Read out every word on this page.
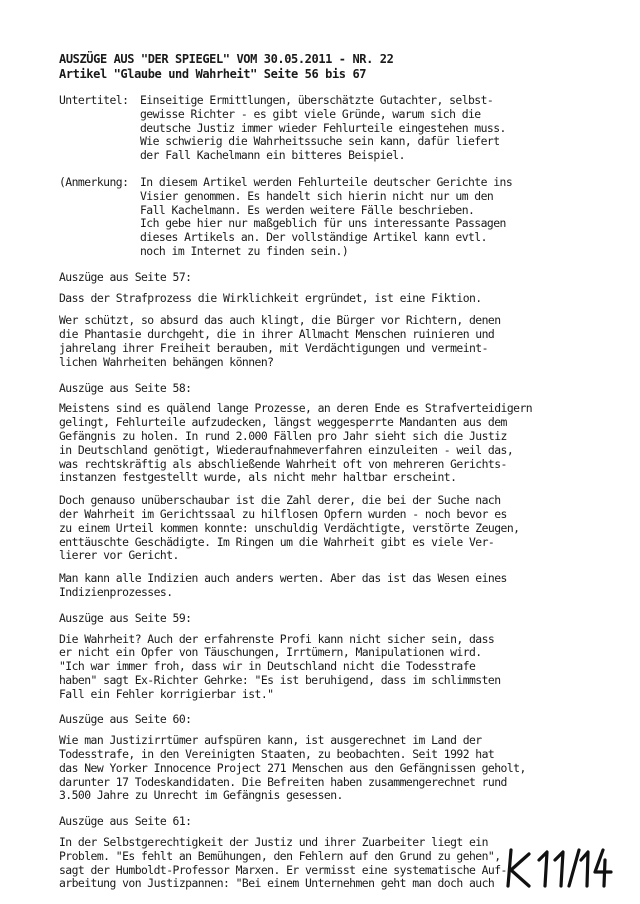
AUSZÜGE AUS "DER SPIEGEL" VOM 30.05.2011 - NR. 22
Artikel "Glaube und Wahrheit" Seite 56 bis 67
Untertitel:	Einseitige Ermittlungen, überschätzte Gutachter, selbst-
gewisse Richter - es gibt viele Gründe, warum sich die
deutsche Justiz immer wieder Fehlurteile eingestehen muss.
Wie schwierig die Wahrheitssuche sein kann, dafür liefert
der Fall Kachelmann ein bitteres Beispiel.
(Anmerkung:	In diesem Artikel werden Fehlurteile deutscher Gerichte ins
Visier genommen. Es handelt sich hierin nicht nur um den
Fall Kachelmann. Es werden weitere Fälle beschrieben.
Ich gebe hier nur maßgeblich für uns interessante Passagen
dieses Artikels an. Der vollständige Artikel kann evtl.
noch im Internet zu finden sein.)
Auszüge aus Seite 57:
Dass der Strafprozess die Wirklichkeit ergründet, ist eine Fiktion.
Wer schützt, so absurd das auch klingt, die Bürger vor Richtern, denen
die Phantasie durchgeht, die in ihrer Allmacht Menschen ruinieren und
jahrelang ihrer Freiheit berauben, mit Verdächtigungen und vermeint-
lichen Wahrheiten behängen können?
Auszüge aus Seite 58:
Meistens sind es quälend lange Prozesse, an deren Ende es Strafverteidigern
gelingt, Fehlurteile aufzudecken, längst weggesperrte Mandanten aus dem
Gefängnis zu holen. In rund 2.000 Fällen pro Jahr sieht sich die Justiz
in Deutschland genötigt, Wiederaufnahmeverfahren einzuleiten - weil das,
was rechtskräftig als abschließende Wahrheit oft von mehreren Gerichts-
instanzen festgestellt wurde, als nicht mehr haltbar erscheint.
Doch genauso unüberschaubar ist die Zahl derer, die bei der Suche nach
der Wahrheit im Gerichtssaal zu hilflosen Opfern wurden - noch bevor es
zu einem Urteil kommen konnte: unschuldig Verdächtigte, verstörte Zeugen,
enttäuschte Geschädigte. Im Ringen um die Wahrheit gibt es viele Ver-
lierer vor Gericht.
Man kann alle Indizien auch anders werten. Aber das ist das Wesen eines
Indizienprozesses.
Auszüge aus Seite 59:
Die Wahrheit? Auch der erfahrenste Profi kann nicht sicher sein, dass
er nicht ein Opfer von Täuschungen, Irrtümern, Manipulationen wird.
"Ich war immer froh, dass wir in Deutschland nicht die Todesstrafe
haben" sagt Ex-Richter Gehrke: "Es ist beruhigend, dass im schlimmsten
Fall ein Fehler korrigierbar ist."
Auszüge aus Seite 60:
Wie man Justizirrtümer aufspüren kann, ist ausgerechnet im Land der
Todesstrafe, in den Vereinigten Staaten, zu beobachten. Seit 1992 hat
das New Yorker Innocence Project 271 Menschen aus den Gefängnissen geholt,
darunter 17 Todeskandidaten. Die Befreiten haben zusammengerechnet rund
3.500 Jahre zu Unrecht im Gefängnis gesessen.
Auszüge aus Seite 61:
In der Selbstgerechtigkeit der Justiz und ihrer Zuarbeiter liegt ein
Problem. "Es fehlt an Bemühungen, den Fehlern auf den Grund zu gehen",
sagt der Humboldt-Professor Marxen. Er vermisst eine systematische Auf-
arbeitung von Justizpannen: "Bei einem Unternehmen geht man doch auch
